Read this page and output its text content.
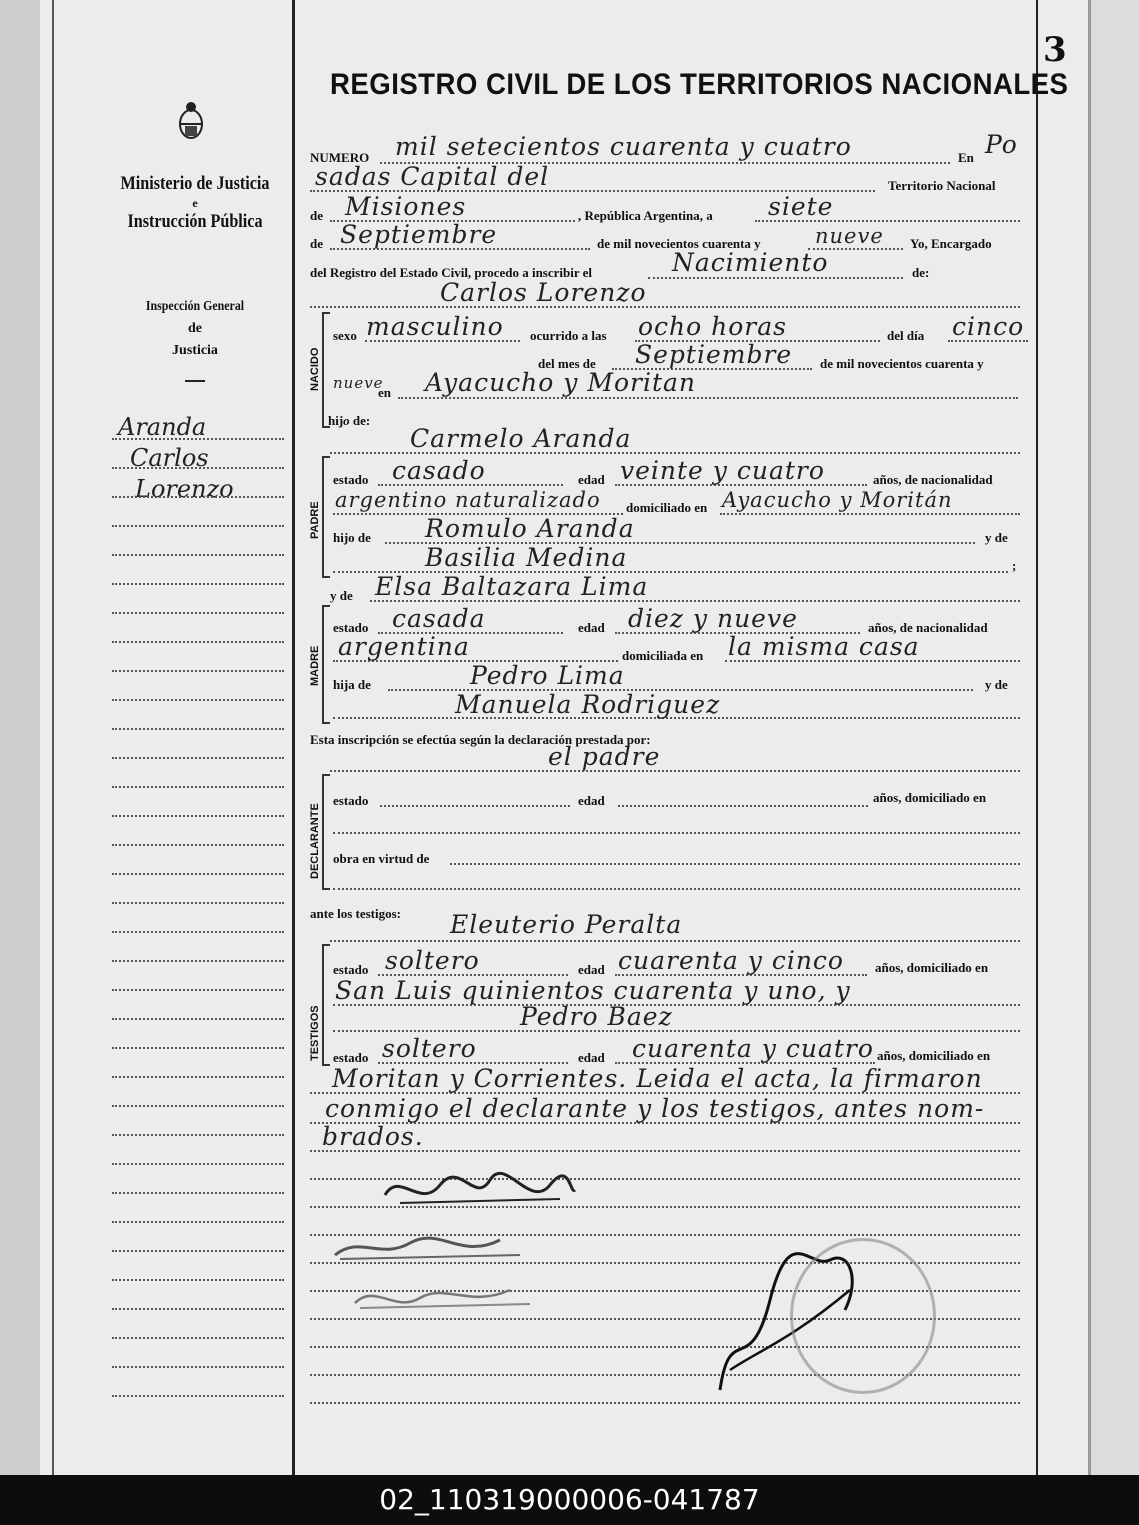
3
REGISTRO CIVIL DE LOS TERRITORIOS NACIONALES
Ministerio de Justicia
e
Instrucción Pública
Inspección General
de
Justicia
Aranda
Carlos
Lorenzo
NUMERO mil setecientos cuarenta y cuatro	En Po
sadas Capital del	Territorio Nacional
de Misiones	, República Argentina, a siete
de Septiembre	de mil novecientos cuarenta y	nueve Yo, Encargado
del Registro del Estado Civil, procedo a inscribir el	Nacimiento	de:
Carlos Lorenzo
NACIDO
sexo masculino ocurrido a las ocho horas	del día cinco
del mes de Septiembre de mil novecientos cuarenta y
nueve
en Ayacucho y Moritan
hijo de:
Carmelo Aranda
PADRE
estado casado	edad veinte y cuatro	años, de nacionalidad
argentino naturalizado domiciliado en Ayacucho y Moritán
hijo de Romulo Aranda	y de
Basilia Medina	;
y de Elsa Baltazara Lima
MADRE
estado casada	edad diez y nueve	años, de nacionalidad
argentina	domiciliada en la misma casa
hija de	Pedro Lima	y de
Manuela Rodriguez
Esta inscripción se efectúa según la declaración prestada por:
el padre
DECLARANTE
estado	edad	años, domiciliado en
obra en virtud de
ante los testigos: Eleuterio Peralta
TESTIGOS
estado soltero	edad cuarenta y cinco años, domiciliado en
San Luis quinientos cuarenta y uno, y
Pedro Baez
estado soltero	edad cuarenta y cuatro años, domiciliado en
Moritan y Corrientes. Leida el acta, la firmaron
conmigo el declarante y los testigos, antes nom-
brados.
02_110319000006-041787
